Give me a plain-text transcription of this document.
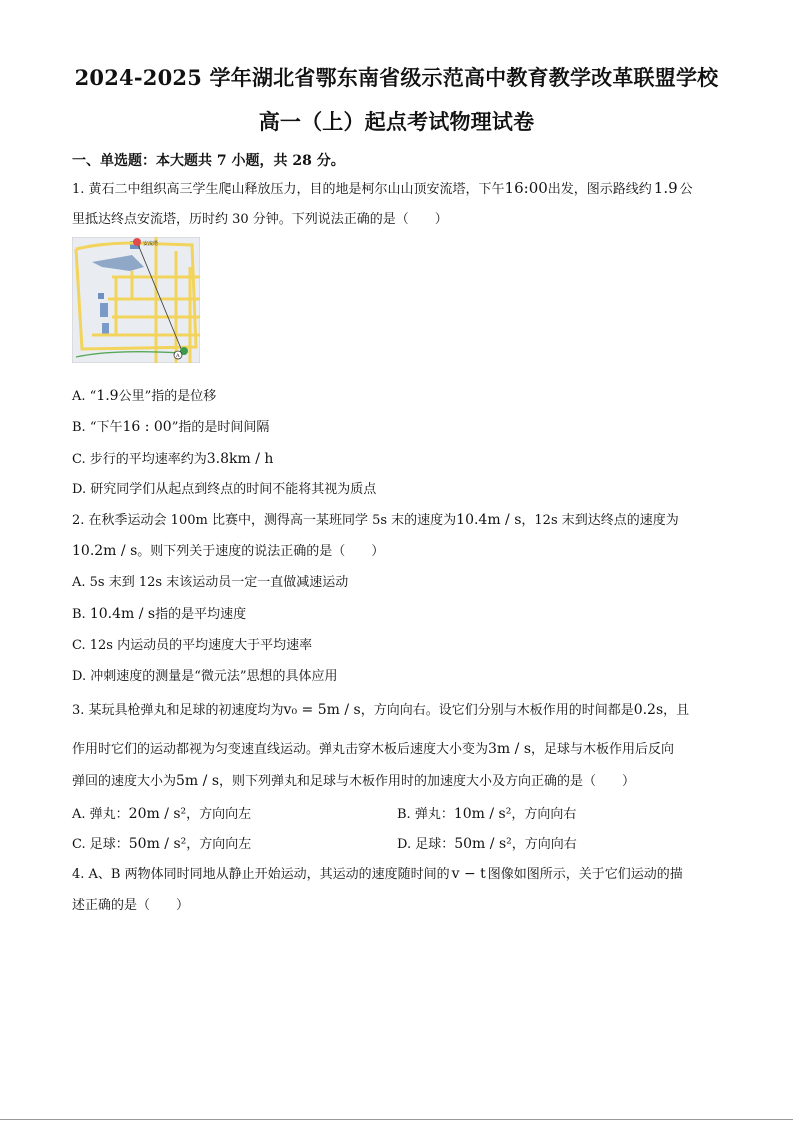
2024-2025 学年湖北省鄂东南省级示范高中教育教学改革联盟学校
高一（上）起点考试物理试卷
一、单选题：本大题共 7 小题，共 28 分。
1. 黄石二中组织高三学生爬山释放压力，目的地是柯尔山山顶安流塔，下午16:00出发，图示路线约 1.9 公
里抵达终点安流塔，历时约 30 分钟。下列说法正确的是（　　）
安流塔
A
A. “1.9公里”指的是位移
B. “下午16 : 00”指的是时间间隔
C. 步行的平均速率约为3.8km / h
D. 研究同学们从起点到终点的时间不能将其视为质点
2. 在秋季运动会 100m 比赛中，测得高一某班同学 5s 末的速度为10.4m / s，12s 末到达终点的速度为
10.2m / s。则下列关于速度的说法正确的是（　　）
A. 5s 末到 12s 末该运动员一定一直做减速运动
B. 10.4m / s指的是平均速度
C. 12s 内运动员的平均速度大于平均速率
D. 冲刺速度的测量是“微元法”思想的具体应用
3. 某玩具枪弹丸和足球的初速度均为v₀ = 5m / s，方向向右。设它们分别与木板作用的时间都是0.2s，且
作用时它们的运动都视为匀变速直线运动。弹丸击穿木板后速度大小变为3m / s，足球与木板作用后反向
弹回的速度大小为5m / s，则下列弹丸和足球与木板作用时的加速度大小及方向正确的是（　　）
A. 弹丸：20m / s²，方向向左	B. 弹丸：10m / s²，方向向右
C. 足球：50m / s²，方向向左	D. 足球：50m / s²，方向向右
4. A、B 两物体同时同地从静止开始运动，其运动的速度随时间的 v − t 图像如图所示，关于它们运动的描
述正确的是（　　）
